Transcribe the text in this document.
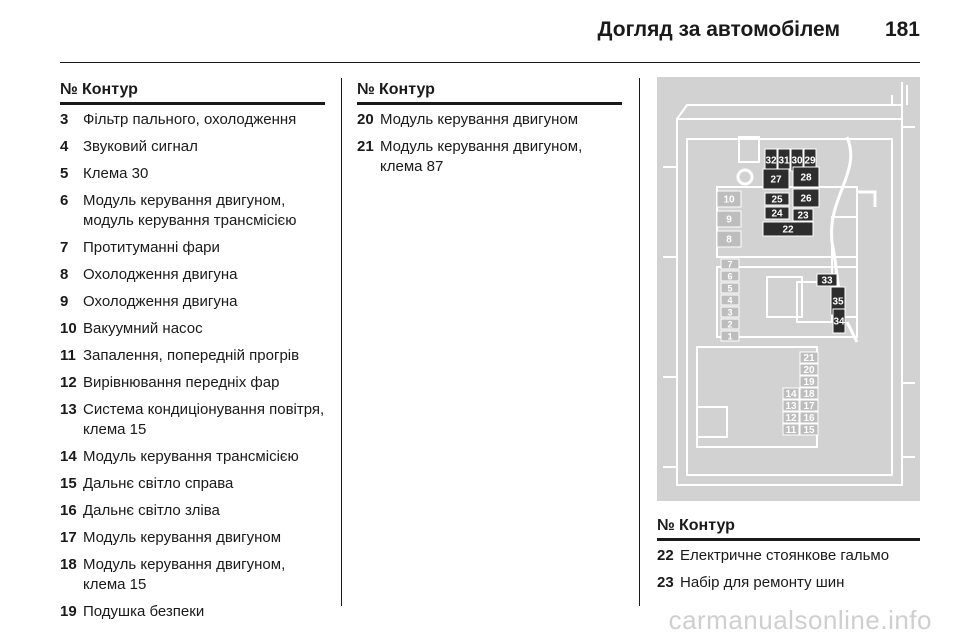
Догляд за автомобілем 181
№ Контур
3 Фільтр пального, охолодження
4 Звуковий сигнал
5 Клема 30
6 Модуль керування двигуном, модуль керування трансмісією
7 Протитуманні фари
8 Охолодження двигуна
9 Охолодження двигуна
10 Вакуумний насос
11 Запалення, попередній прогрів
12 Вирівнювання передніх фар
13 Система кондиціонування повітря, клема 15
14 Модуль керування трансмісією
15 Дальнє світло справа
16 Дальнє світло зліва
17 Модуль керування двигуном
18 Модуль керування двигуном, клема 15
19 Подушка безпеки
№ Контур
20 Модуль керування двигуном
21 Модуль керування двигуном, клема 87	32 31 30 29
27 28
26
25
24 23
22
33
35
34
10
9
8
7
6
5
4
3
2
1
21
20
19
18
17
16
15
14
13
12
11
№ Контур
22 Електричне стоянкове гальмо
23 Набір для ремонту шин
carmanualsonline.info
